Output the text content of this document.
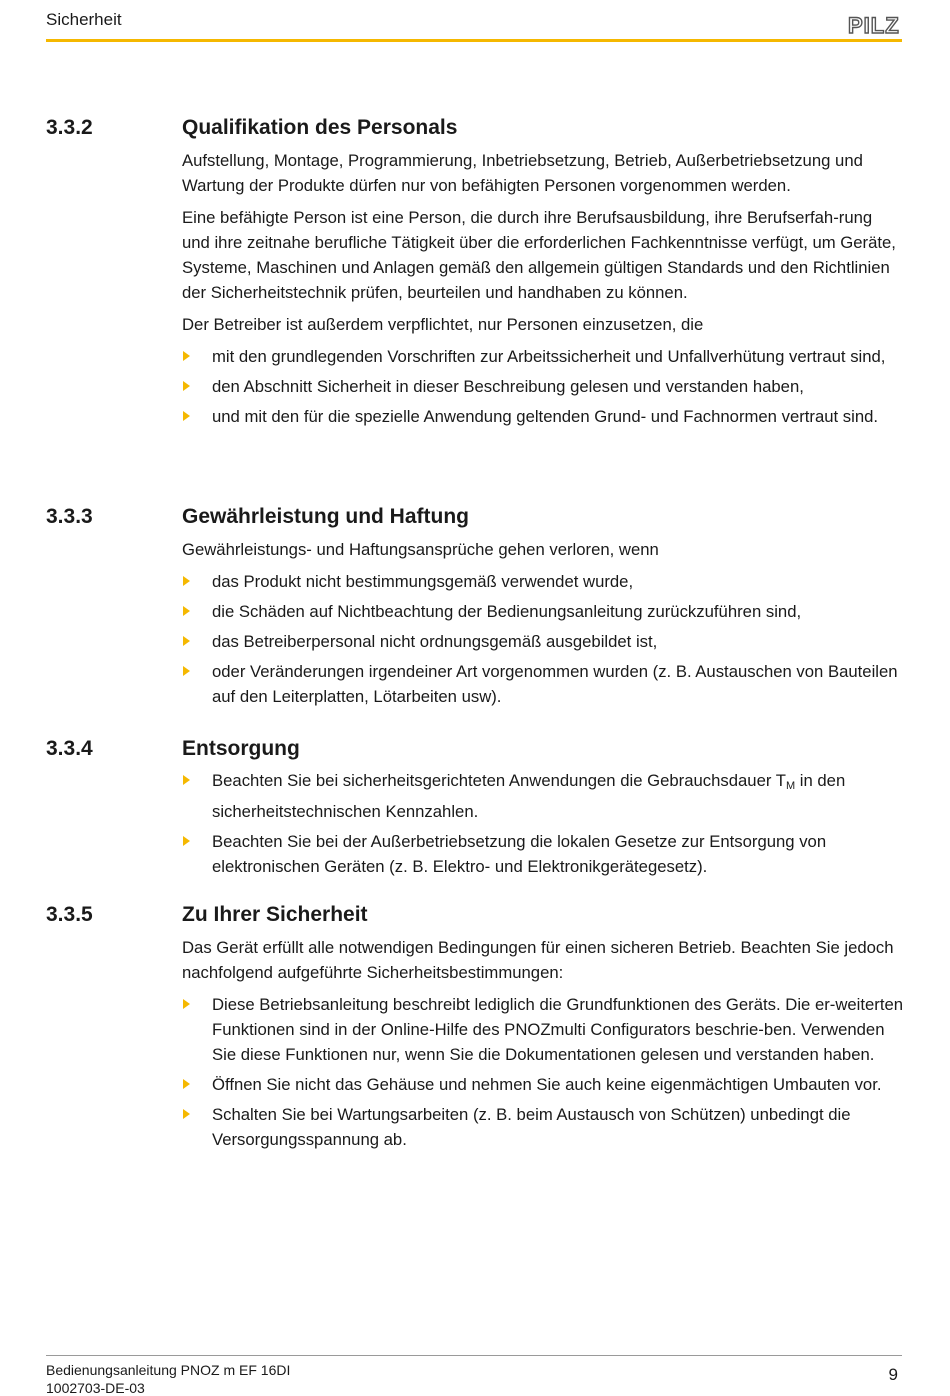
Sicherheit	PILZ
3.3.2	Qualifikation des Personals

Aufstellung, Montage, Programmierung, Inbetriebsetzung, Betrieb, Außerbetriebsetzung und Wartung der Produkte dürfen nur von befähigten Personen vorgenommen werden.

Eine befähigte Person ist eine Person, die durch ihre Berufsausbildung, ihre Berufserfah-rung und ihre zeitnahe berufliche Tätigkeit über die erforderlichen Fachkenntnisse verfügt, um Geräte, Systeme, Maschinen und Anlagen gemäß den allgemein gültigen Standards und den Richtlinien der Sicherheitstechnik prüfen, beurteilen und handhaben zu können.

Der Betreiber ist außerdem verpflichtet, nur Personen einzusetzen, die

mit den grundlegenden Vorschriften zur Arbeitssicherheit und Unfallverhütung vertraut sind,
den Abschnitt Sicherheit in dieser Beschreibung gelesen und verstanden haben,
und mit den für die spezielle Anwendung geltenden Grund- und Fachnormen vertraut sind.
3.3.3	Gewährleistung und Haftung

Gewährleistungs- und Haftungsansprüche gehen verloren, wenn

das Produkt nicht bestimmungsgemäß verwendet wurde,
die Schäden auf Nichtbeachtung der Bedienungsanleitung zurückzuführen sind,
das Betreiberpersonal nicht ordnungsgemäß ausgebildet ist,
oder Veränderungen irgendeiner Art vorgenommen wurden (z. B. Austauschen von Bauteilen auf den Leiterplatten, Lötarbeiten usw).
3.3.4	Entsorgung
Beachten Sie bei sicherheitsgerichteten Anwendungen die Gebrauchsdauer $T_M$ in den sicherheitstechnischen Kennzahlen.
Beachten Sie bei der Außerbetriebsetzung die lokalen Gesetze zur Entsorgung von elektronischen Geräten (z. B. Elektro- und Elektronikgerätegesetz).
3.3.5	Zu Ihrer Sicherheit

Das Gerät erfüllt alle notwendigen Bedingungen für einen sicheren Betrieb. Beachten Sie jedoch nachfolgend aufgeführte Sicherheitsbestimmungen:

Diese Betriebsanleitung beschreibt lediglich die Grundfunktionen des Geräts. Die er-weiterten Funktionen sind in der Online-Hilfe des PNOZmulti Configurators beschrie-ben. Verwenden Sie diese Funktionen nur, wenn Sie die Dokumentationen gelesen und verstanden haben.
Öffnen Sie nicht das Gehäuse und nehmen Sie auch keine eigenmächtigen Umbauten vor.
Schalten Sie bei Wartungsarbeiten (z. B. beim Austausch von Schützen) unbedingt die Versorgungsspannung ab.
Bedienungsanleitung PNOZ m EF 16DI
1002703-DE-03
9
